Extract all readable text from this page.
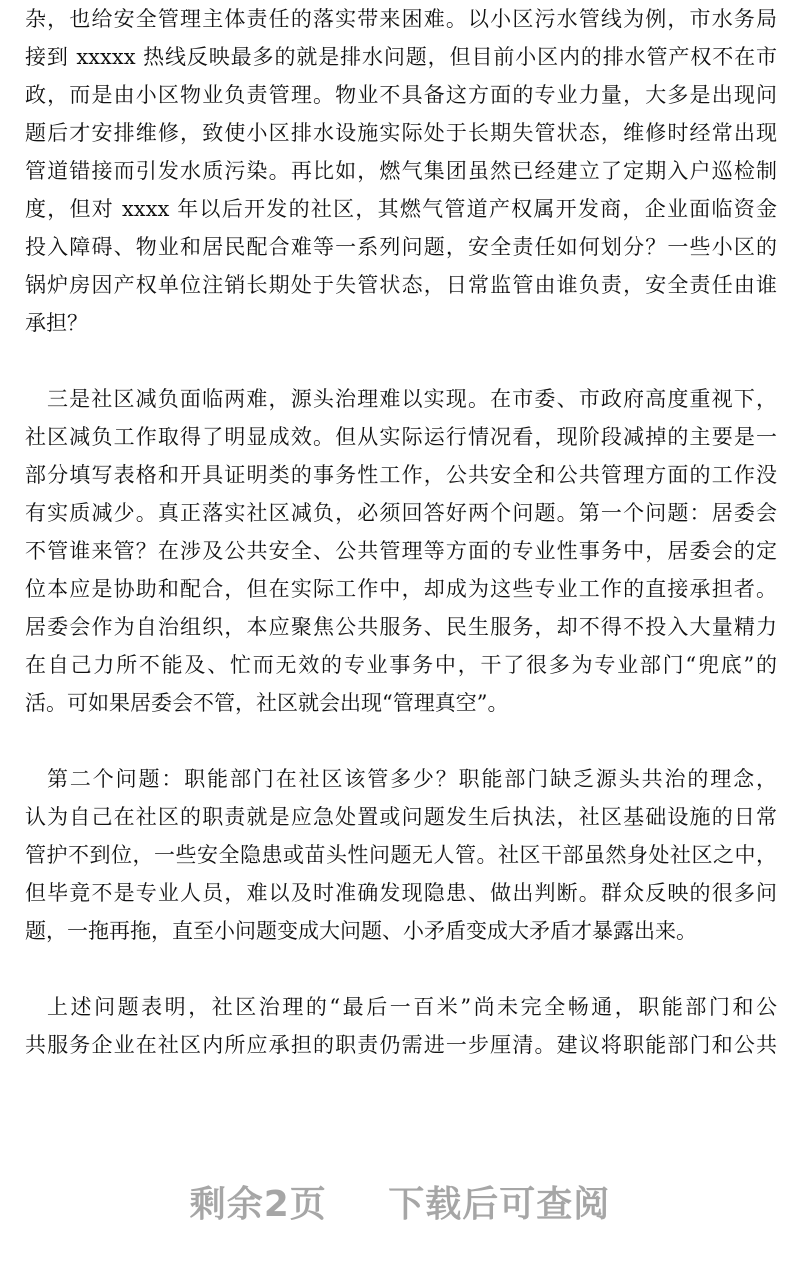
杂，也给安全管理主体责任的落实带来困难。以小区污水管线为例，市水务局
接到 xxxxx 热线反映最多的就是排水问题，但目前小区内的排水管产权不在市
政，而是由小区物业负责管理。物业不具备这方面的专业力量，大多是出现问
题后才安排维修，致使小区排水设施实际处于长期失管状态，维修时经常出现
管道错接而引发水质污染。再比如，燃气集团虽然已经建立了定期入户巡检制
度，但对 xxxx 年以后开发的社区，其燃气管道产权属开发商，企业面临资金
投入障碍、物业和居民配合难等一系列问题，安全责任如何划分？一些小区的
锅炉房因产权单位注销长期处于失管状态，日常监管由谁负责，安全责任由谁
承担？
三是社区减负面临两难，源头治理难以实现。在市委、市政府高度重视下，
社区减负工作取得了明显成效。但从实际运行情况看，现阶段减掉的主要是一
部分填写表格和开具证明类的事务性工作，公共安全和公共管理方面的工作没
有实质减少。真正落实社区减负，必须回答好两个问题。第一个问题：居委会
不管谁来管？在涉及公共安全、公共管理等方面的专业性事务中，居委会的定
位本应是协助和配合，但在实际工作中，却成为这些专业工作的直接承担者。
居委会作为自治组织，本应聚焦公共服务、民生服务，却不得不投入大量精力
在自己力所不能及、忙而无效的专业事务中，干了很多为专业部门“兜底”的
活。可如果居委会不管，社区就会出现“管理真空”。
第二个问题：职能部门在社区该管多少？职能部门缺乏源头共治的理念，
认为自己在社区的职责就是应急处置或问题发生后执法，社区基础设施的日常
管护不到位，一些安全隐患或苗头性问题无人管。社区干部虽然身处社区之中，
但毕竟不是专业人员，难以及时准确发现隐患、做出判断。群众反映的很多问
题，一拖再拖，直至小问题变成大问题、小矛盾变成大矛盾才暴露出来。
上述问题表明，社区治理的“最后一百米”尚未完全畅通，职能部门和公
共服务企业在社区内所应承担的职责仍需进一步厘清。建议将职能部门和公共
剩余2页 下载后可查阅
